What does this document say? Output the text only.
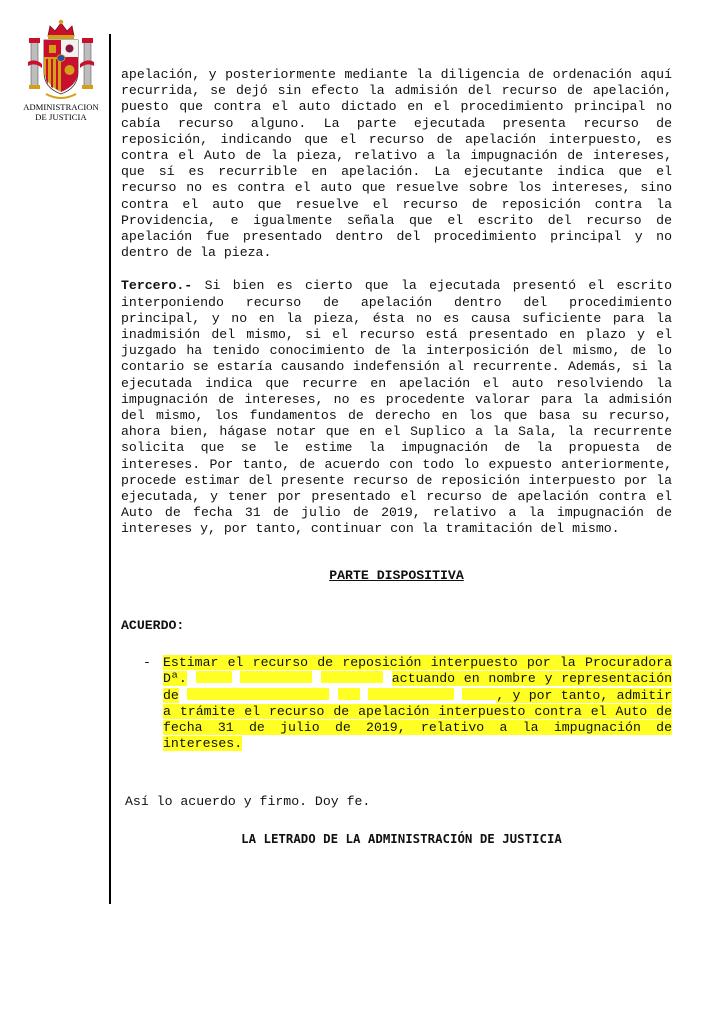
ADMINISTRACION
DE JUSTICIA

apelación, y posteriormente mediante la diligencia de ordenación aquí recurrida, se dejó sin efecto la admisión del recurso de apelación, puesto que contra el auto dictado en el procedimiento principal no cabía recurso alguno. La parte ejecutada presenta recurso de reposición, indicando que el recurso de apelación interpuesto, es contra el Auto de la pieza, relativo a la impugnación de intereses, que sí es recurrible en apelación. La ejecutante indica que el recurso no es contra el auto que resuelve sobre los intereses, sino contra el auto que resuelve el recurso de reposición contra la Providencia, e igualmente señala que el escrito del recurso de apelación fue presentado dentro del procedimiento principal y no dentro de la pieza.

Tercero.- Si bien es cierto que la ejecutada presentó el escrito interponiendo recurso de apelación dentro del procedimiento principal, y no en la pieza, ésta no es causa suficiente para la inadmisión del mismo, si el recurso está presentado en plazo y el juzgado ha tenido conocimiento de la interposición del mismo, de lo contario se estaría causando indefensión al recurrente. Además, si la ejecutada indica que recurre en apelación el auto resolviendo la impugnación de intereses, no es procedente valorar para la admisión del mismo, los fundamentos de derecho en los que basa su recurso, ahora bien, hágase notar que en el Suplico a la Sala, la recurrente solicita que se le estime la impugnación de la propuesta de intereses. Por tanto, de acuerdo con todo lo expuesto anteriormente, procede estimar del presente recurso de reposición interpuesto por la ejecutada, y tener por presentado el recurso de apelación contra el Auto de fecha 31 de julio de 2019, relativo a la impugnación de intereses y, por tanto, continuar con la tramitación del mismo.

PARTE DISPOSITIVA
ACUERDO:
- Estimar el recurso de reposición interpuesto por la Procuradora Dª.	actuando en nombre y representación de	, y por tanto, admitir a trámite el recurso de apelación interpuesto contra el Auto de fecha 31 de julio de 2019, relativo a la impugnación de intereses.

Así lo acuerdo y firmo. Doy fe.
LA LETRADO DE LA ADMINISTRACIÓN DE JUSTICIA
